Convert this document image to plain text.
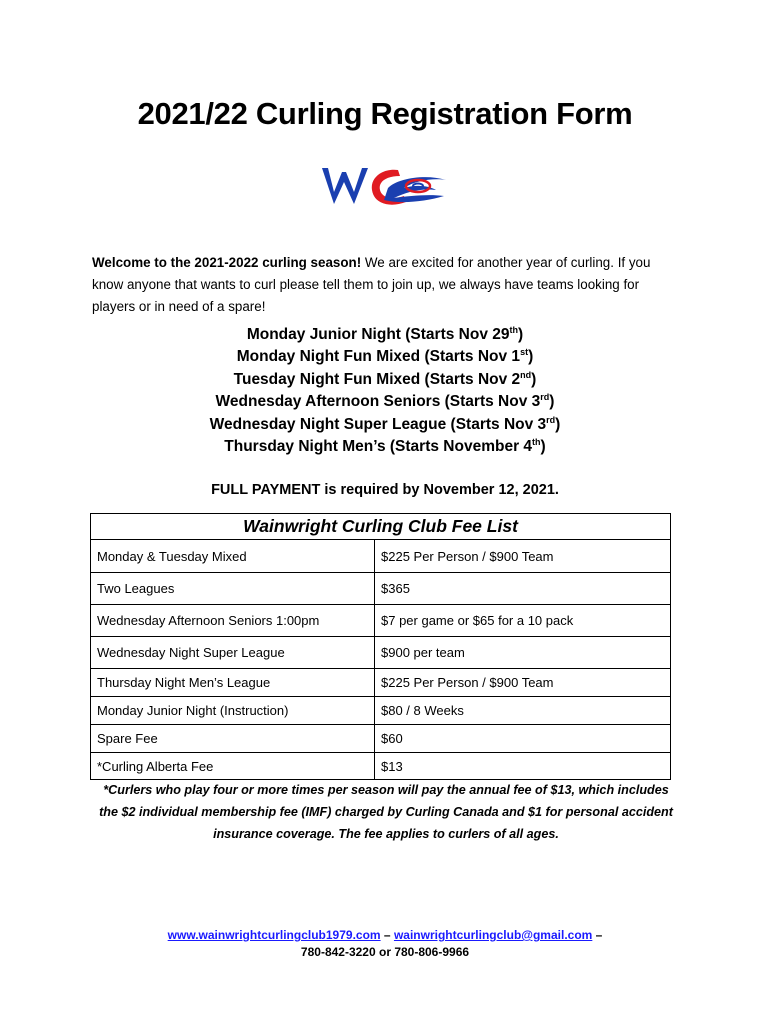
2021/22 Curling Registration Form
Welcome to the 2021-2022 curling season! We are excited for another year of curling. If you know anyone that wants to curl please tell them to join up, we always have teams looking for players or in need of a spare!
Monday Junior Night (Starts Nov 29th)
Monday Night Fun Mixed (Starts Nov 1st)
Tuesday Night Fun Mixed (Starts Nov 2nd)
Wednesday Afternoon Seniors (Starts Nov 3rd)
Wednesday Night Super League (Starts Nov 3rd)
Thursday Night Men’s (Starts November 4th)
FULL PAYMENT is required by November 12, 2021.
Wainwright Curling Club Fee List	
Monday & Tuesday Mixed	$225 Per Person / $900 Team
Two Leagues	$365
Wednesday Afternoon Seniors 1:00pm	$7 per game or $65 for a 10 pack
Wednesday Night Super League	$900 per team
Thursday Night Men’s League	$225 Per Person / $900 Team
Monday Junior Night (Instruction)	$80 / 8 Weeks
Spare Fee	$60
*Curling Alberta Fee	$13
*Curlers who play four or more times per season will pay the annual fee of $13, which includes the $2 individual membership fee (IMF) charged by Curling Canada and $1 for personal accident insurance coverage. The fee applies to curlers of all ages.
www.wainwrightcurlingclub1979.com – wainwrightcurlingclub@gmail.com –
780-842-3220 or 780-806-9966
